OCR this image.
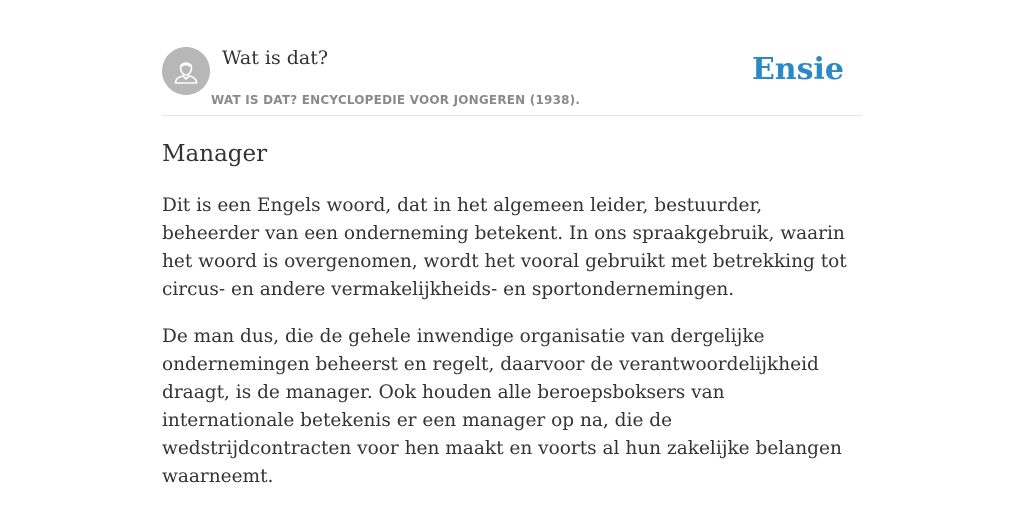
Wat is dat?
WAT IS DAT? ENCYCLOPEDIE VOOR JONGEREN (1938).
Ensie
Manager

Dit is een Engels woord, dat in het algemeen leider, bestuurder, beheerder van een onderneming betekent. In ons spraakgebruik, waarin het woord is overgenomen, wordt het vooral gebruikt met betrekking tot circus- en andere vermakelijkheids- en sportondernemingen.

De man dus, die de gehele inwendige organisatie van dergelijke ondernemingen beheerst en regelt, daarvoor de verantwoordelijkheid draagt, is de manager. Ook houden alle beroepsboksers van internationale betekenis er een manager op na, die de wedstrijdcontracten voor hen maakt en voorts al hun zakelijke belangen waarneemt.
